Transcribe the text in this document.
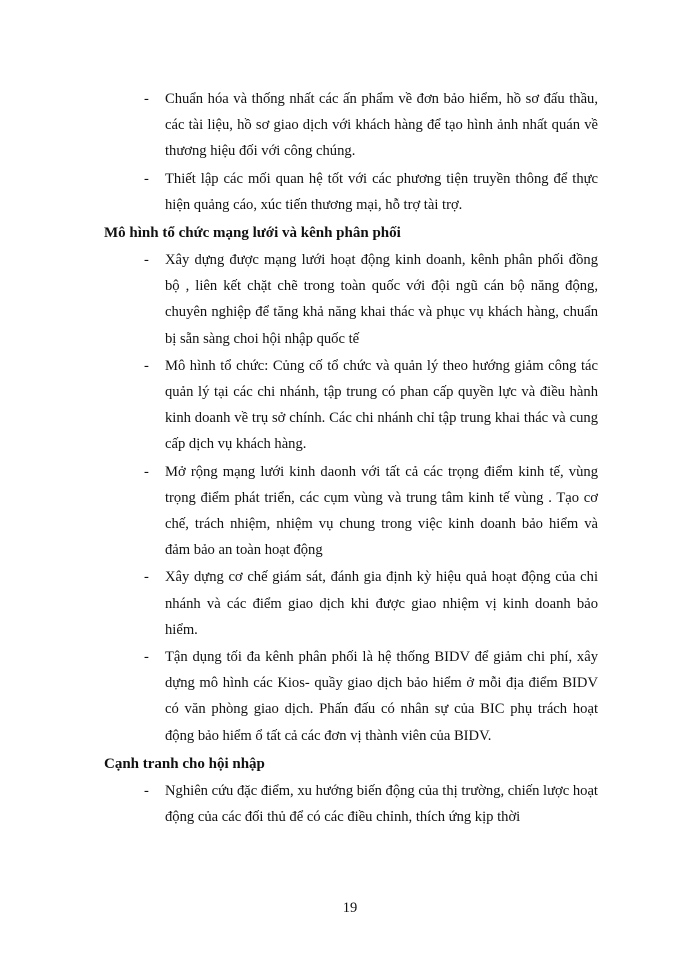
- Chuẩn hóa và thống nhất các ấn phẩm về đơn bảo hiểm, hồ sơ đấu thầu, các tài liệu, hồ sơ giao dịch với khách hàng để tạo hình ảnh nhất quán về thương hiệu đối với công chúng.
- Thiết lập các mối quan hệ tốt với các phương tiện truyền thông để thực hiện quảng cáo, xúc tiến thương mại, hỗ trợ tài trợ.
Mô hình tổ chức mạng lưới và kênh phân phối
- Xây dựng được mạng lưới hoạt động kinh doanh, kênh phân phối đồng bộ , liên kết chặt chẽ trong toàn quốc với đội ngũ cán bộ năng động, chuyên nghiệp để tăng khả năng khai thác và phục vụ khách hàng, chuẩn bị sẵn sàng choi hội nhập quốc tế
- Mô hình tổ chức: Củng cố tổ chức và quản lý theo hướng giảm công tác quản lý tại các chi nhánh, tập trung có phan cấp quyền lực và điều hành kinh doanh về trụ sở chính. Các chi nhánh chỉ tập trung khai thác và cung cấp dịch vụ khách hàng.
- Mở rộng mạng lưới kinh daonh với tất cả các trọng điểm kinh tế, vùng trọng điểm phát triển, các cụm vùng và trung tâm kinh tế vùng . Tạo cơ chế, trách nhiệm, nhiệm vụ chung trong việc kinh doanh bảo hiểm và đảm bảo an toàn hoạt động
- Xây dựng cơ chế giám sát, đánh gia định kỳ hiệu quả hoạt động của chi nhánh và các điểm giao dịch khi được giao nhiệm vị kinh doanh bảo hiểm.
- Tận dụng tối đa kênh phân phối là hệ thống BIDV để giảm chi phí, xây dựng mô hình các Kios- quầy giao dịch bảo hiểm ở mỗi địa điểm BIDV có văn phòng giao dịch. Phấn đấu có nhân sự của BIC phụ trách hoạt động bảo hiểm ổ tất cả các đơn vị thành viên của BIDV.
Cạnh tranh cho hội nhập
- Nghiên cứu đặc điểm, xu hướng biến động của thị trường, chiến lược hoạt động của các đối thủ để có các điều chỉnh, thích ứng kịp thời
19
